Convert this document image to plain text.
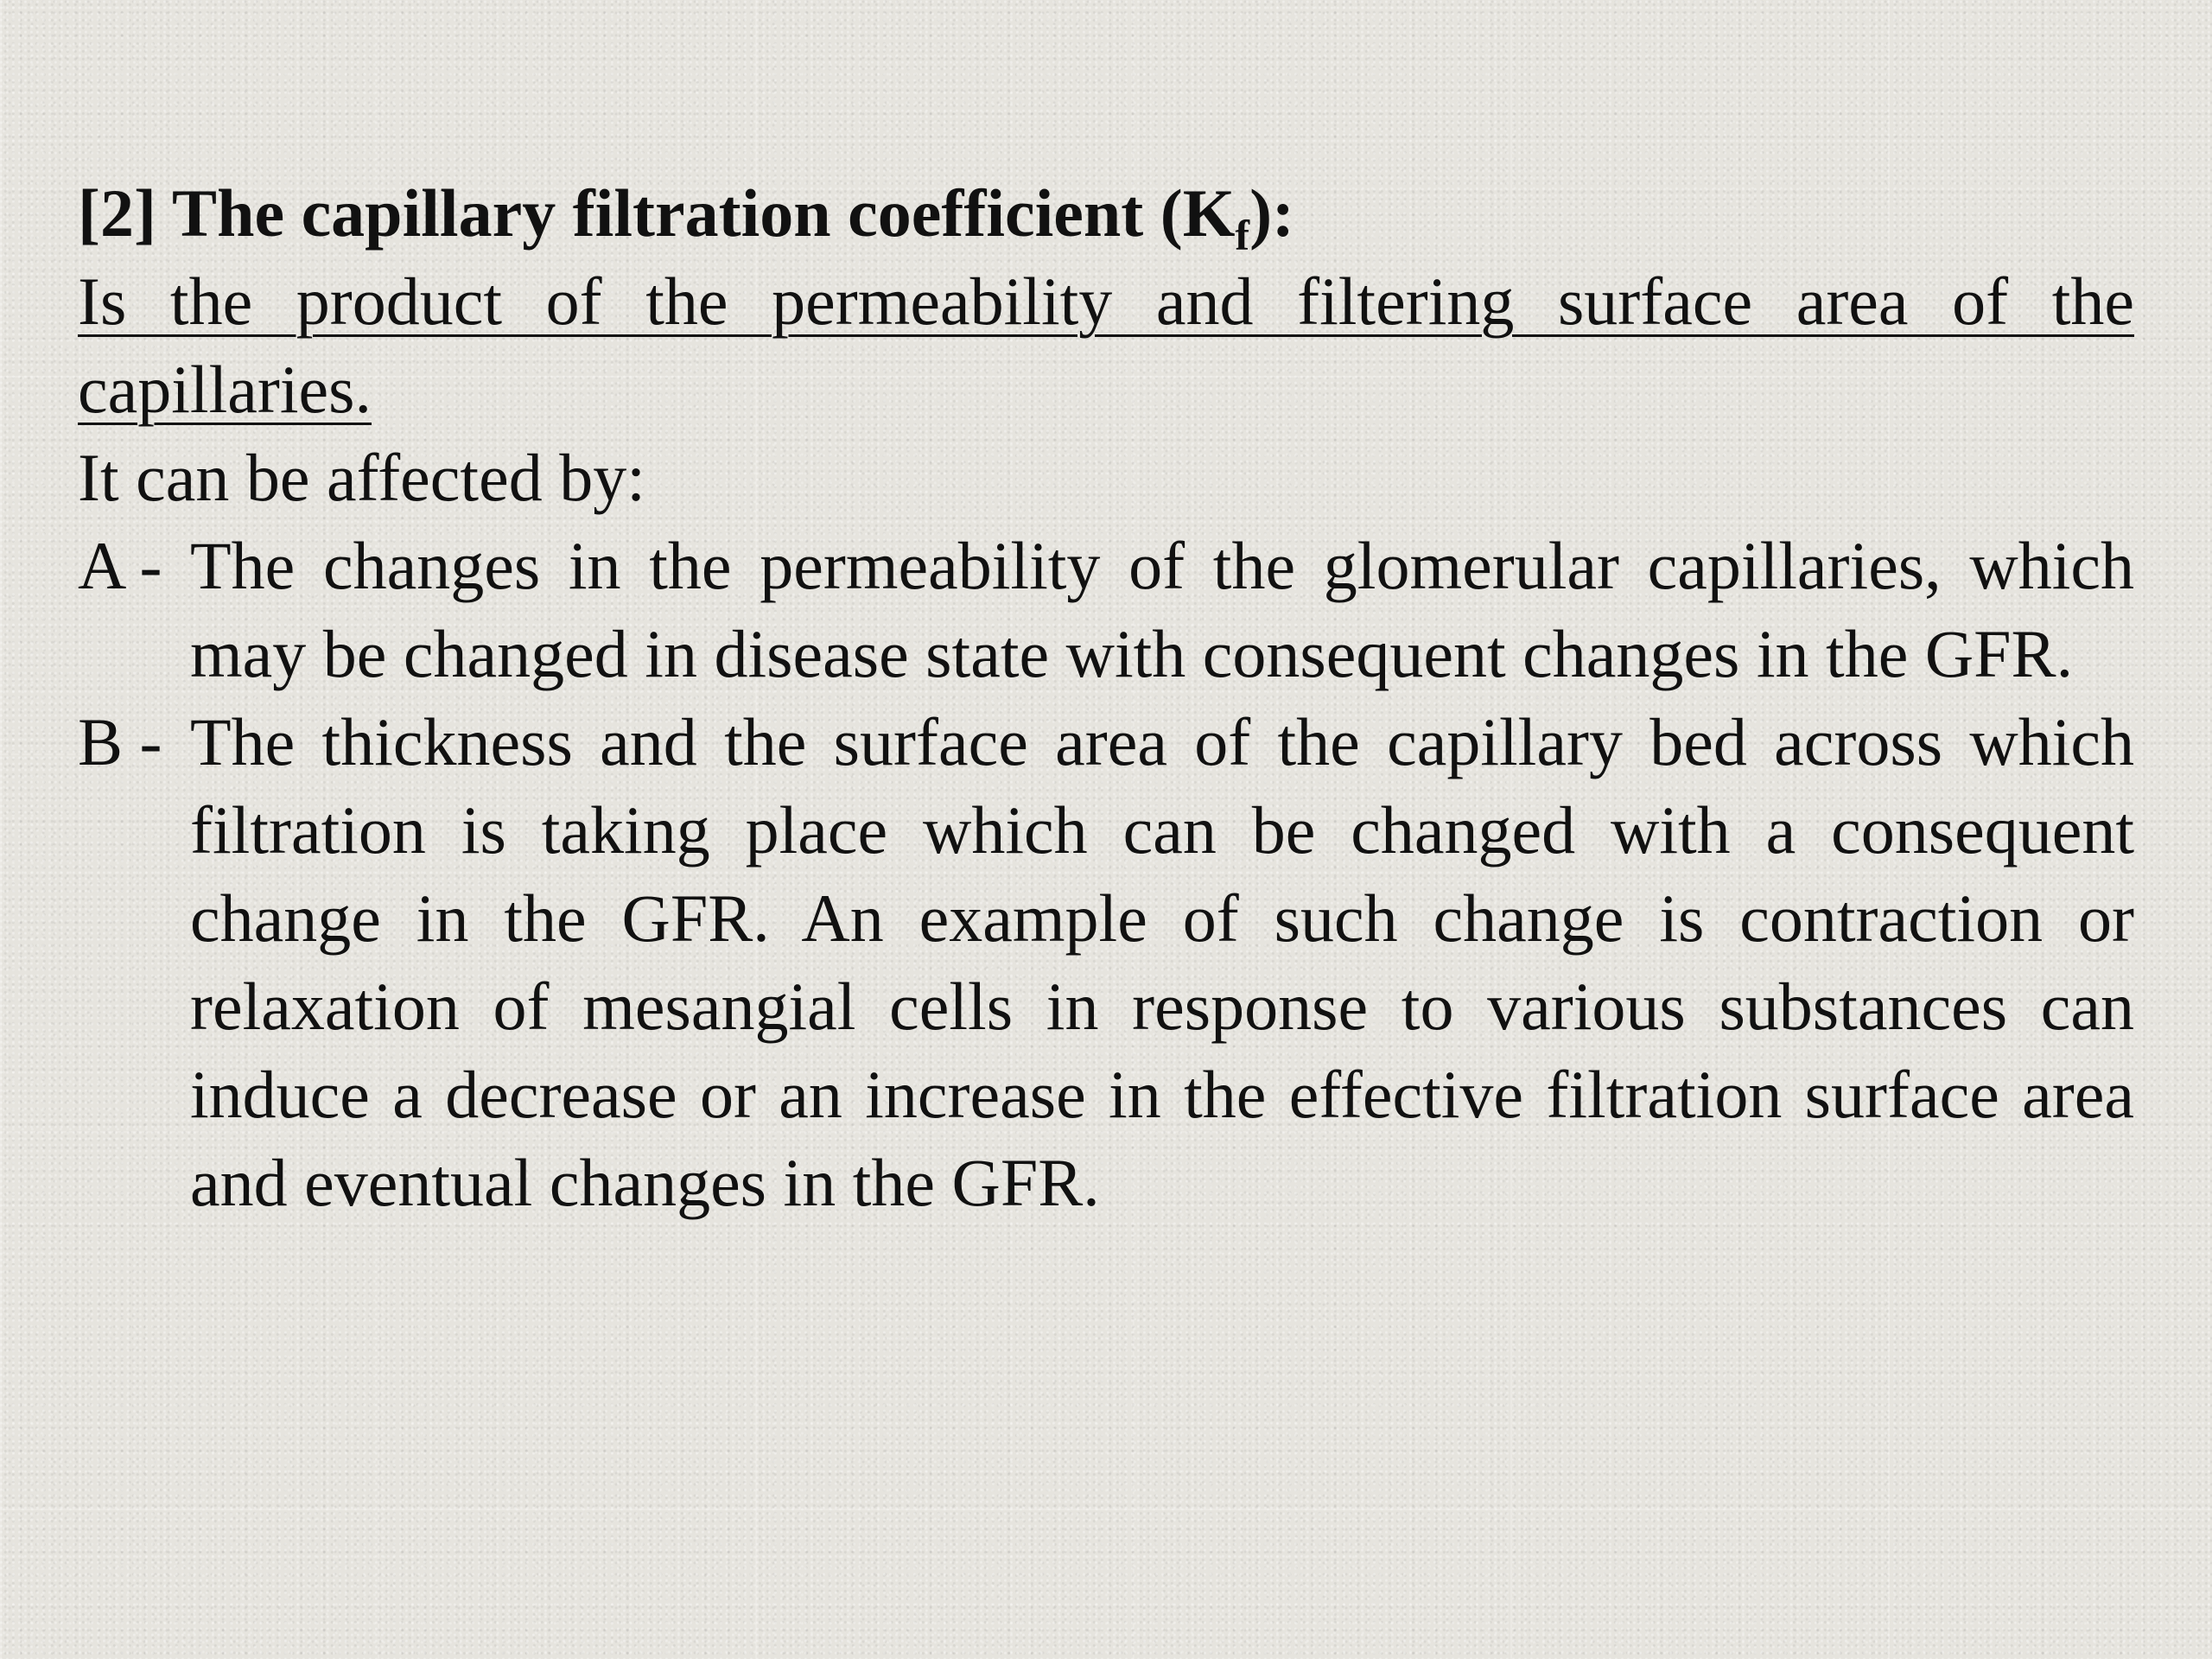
[2] The capillary filtration coefficient $(K_f)$:
Is the product of the permeability and filtering surface area of the capillaries.
It can be affected by:
A - The changes in the permeability of the glomerular capillaries, which may be changed in disease state with consequent changes in the GFR.
B - The thickness and the surface area of the capillary bed across which filtration is taking place which can be changed with a consequent change in the GFR. An example of such change is contraction or relaxation of mesangial cells in response to various substances can induce a decrease or an increase in the effective filtration surface area and eventual changes in the GFR.
